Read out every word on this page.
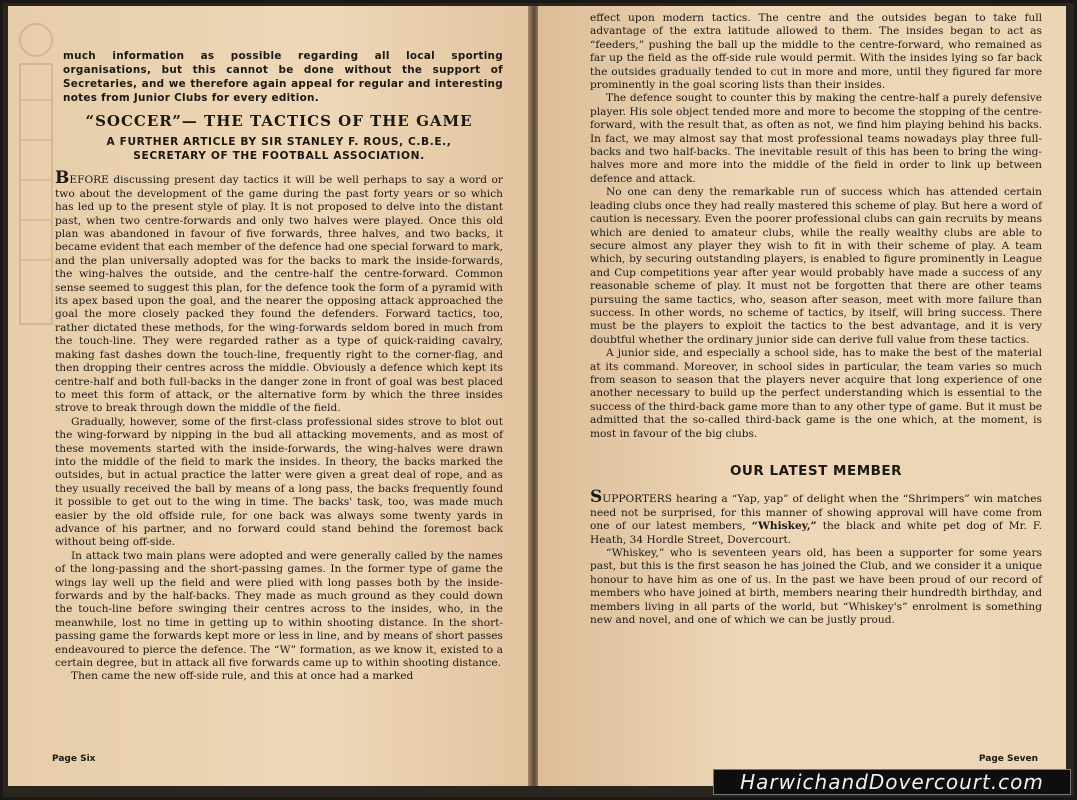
much information as possible regarding all local sporting organisations, but this cannot be done without the support of Secretaries, and we therefore again appeal for regular and interesting notes from Junior Clubs for every edition.
“SOCCER”— THE TACTICS OF THE GAME
A FURTHER ARTICLE BY SIR STANLEY F. ROUS, C.B.E.,
SECRETARY OF THE FOOTBALL ASSOCIATION.

BEFORE discussing present day tactics it will be well perhaps to say a word or two about the development of the game during the past forty years or so which has led up to the present style of play. It is not proposed to delve into the distant past, when two centre-forwards and only two halves were played. Once this old plan was abandoned in favour of five forwards, three halves, and two backs, it became evident that each member of the defence had one special forward to mark, and the plan universally adopted was for the backs to mark the inside-forwards, the wing-halves the outside, and the centre-half the centre-forward. Common sense seemed to suggest this plan, for the defence took the form of a pyramid with its apex based upon the goal, and the nearer the opposing attack approached the goal the more closely packed they found the defenders. Forward tactics, too, rather dictated these methods, for the wing-forwards seldom bored in much from the touch-line. They were regarded rather as a type of quick-raiding cavalry, making fast dashes down the touch-line, frequently right to the corner-flag, and then dropping their centres across the middle. Obviously a defence which kept its centre-half and both full-backs in the danger zone in front of goal was best placed to meet this form of attack, or the alternative form by which the three insides strove to break through down the middle of the field.

Gradually, however, some of the first-class professional sides strove to blot out the wing-forward by nipping in the bud all attacking movements, and as most of these movements started with the inside-forwards, the wing-halves were drawn into the middle of the field to mark the insides. In theory, the backs marked the outsides, but in actual practice the latter were given a great deal of rope, and as they usually received the ball by means of a long pass, the backs frequently found it possible to get out to the wing in time. The backs' task, too, was made much easier by the old offside rule, for one back was always some twenty yards in advance of his partner, and no forward could stand behind the foremost back without being off-side.

In attack two main plans were adopted and were generally called by the names of the long-passing and the short-passing games. In the former type of game the wings lay well up the field and were plied with long passes both by the inside-forwards and by the half-backs. They made as much ground as they could down the touch-line before swinging their centres across to the insides, who, in the meanwhile, lost no time in getting up to within shooting distance. In the short-passing game the forwards kept more or less in line, and by means of short passes endeavoured to pierce the defence. The “W” formation, as we know it, existed to a certain degree, but in attack all five forwards came up to within shooting distance.

Then came the new off-side rule, and this at once had a marked

Page Six

effect upon modern tactics. The centre and the outsides began to take full advantage of the extra latitude allowed to them. The insides began to act as “feeders,” pushing the ball up the middle to the centre-forward, who remained as far up the field as the off-side rule would permit. With the insides lying so far back the outsides gradually tended to cut in more and more, until they figured far more prominently in the goal scoring lists than their insides.

The defence sought to counter this by making the centre-half a purely defensive player. His sole object tended more and more to become the stopping of the centre-forward, with the result that, as often as not, we find him playing behind his backs. In fact, we may almost say that most professional teams nowadays play three full-backs and two half-backs. The inevitable result of this has been to bring the wing-halves more and more into the middle of the field in order to link up between defence and attack.

No one can deny the remarkable run of success which has attended certain leading clubs once they had really mastered this scheme of play. But here a word of caution is necessary. Even the poorer professional clubs can gain recruits by means which are denied to amateur clubs, while the really wealthy clubs are able to secure almost any player they wish to fit in with their scheme of play. A team which, by securing outstanding players, is enabled to figure prominently in League and Cup competitions year after year would probably have made a success of any reasonable scheme of play. It must not be forgotten that there are other teams pursuing the same tactics, who, season after season, meet with more failure than success. In other words, no scheme of tactics, by itself, will bring success. There must be the players to exploit the tactics to the best advantage, and it is very doubtful whether the ordinary junior side can derive full value from these tactics.

A junior side, and especially a school side, has to make the best of the material at its command. Moreover, in school sides in particular, the team varies so much from season to season that the players never acquire that long experience of one another necessary to build up the perfect understanding which is essential to the success of the third-back game more than to any other type of game. But it must be admitted that the so-called third-back game is the one which, at the moment, is most in favour of the big clubs.

OUR LATEST MEMBER

SUPPORTERS hearing a “Yap, yap” of delight when the “Shrimpers” win matches need not be surprised, for this manner of showing approval will have come from one of our latest members, “Whiskey,” the black and white pet dog of Mr. F. Heath, 34 Hordle Street, Dovercourt.

“Whiskey,” who is seventeen years old, has been a supporter for some years past, but this is the first season he has joined the Club, and we consider it a unique honour to have him as one of us. In the past we have been proud of our record of members who have joined at birth, members nearing their hundredth birthday, and members living in all parts of the world, but “Whiskey's” enrolment is something new and novel, and one of which we can be justly proud.

Page Seven
HarwichandDovercourt.com
